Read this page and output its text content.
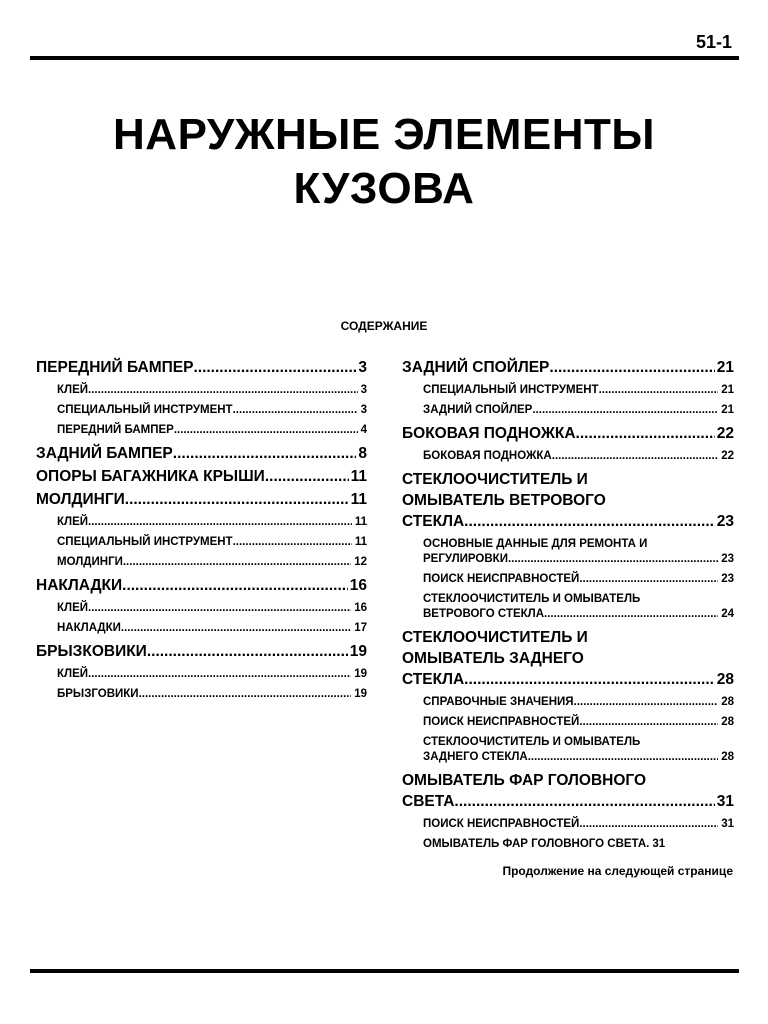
51-1
НАРУЖНЫЕ ЭЛЕМЕНТЫ
КУЗОВА
СОДЕРЖАНИЕ
ПЕРЕДНИЙ БАМПЕР .....	3
КЛЕЙ .....	3
СПЕЦИАЛЬНЫЙ ИНСТРУМЕНТ .....	3
ПЕРЕДНИЙ БАМПЕР .....	4
ЗАДНИЙ БАМПЕР .....	8
ОПОРЫ БАГАЖНИКА КРЫШИ .....	11
МОЛДИНГИ .....	11
КЛЕЙ .....	11
СПЕЦИАЛЬНЫЙ ИНСТРУМЕНТ .....	11
МОЛДИНГИ .....	12
НАКЛАДКИ .....	16
КЛЕЙ .....	16
НАКЛАДКИ .....	17
БРЫЗКОВИКИ .....	19
КЛЕЙ .....	19
БРЫЗГОВИКИ .....	19
ЗАДНИЙ СПОЙЛЕР .....	21
СПЕЦИАЛЬНЫЙ ИНСТРУМЕНТ .....	21
ЗАДНИЙ СПОЙЛЕР .....	21
БОКОВАЯ ПОДНОЖКА .....	22
БОКОВАЯ ПОДНОЖКА .....	22
СТЕКЛООЧИСТИТЕЛЬ И
ОМЫВАТЕЛЬ ВЕТРОВОГО
СТЕКЛА .....	23
ОСНОВНЫЕ ДАННЫЕ ДЛЯ РЕМОНТА И
РЕГУЛИРОВКИ .....	23
ПОИСК НЕИСПРАВНОСТЕЙ .....	23
СТЕКЛООЧИСТИТЕЛЬ И ОМЫВАТЕЛЬ
ВЕТРОВОГО СТЕКЛА .....	24
СТЕКЛООЧИСТИТЕЛЬ И
ОМЫВАТЕЛЬ ЗАДНЕГО
СТЕКЛА .....	28
СПРАВОЧНЫЕ ЗНАЧЕНИЯ .....	28
ПОИСК НЕИСПРАВНОСТЕЙ .....	28
СТЕКЛООЧИСТИТЕЛЬ И ОМЫВАТЕЛЬ
ЗАДНЕГО СТЕКЛА .....	28
ОМЫВАТЕЛЬ ФАР ГОЛОВНОГО
СВЕТА .....	31
ПОИСК НЕИСПРАВНОСТЕЙ .....	31
ОМЫВАТЕЛЬ ФАР ГОЛОВНОГО СВЕТА. 31
Продолжение на следующей странице
